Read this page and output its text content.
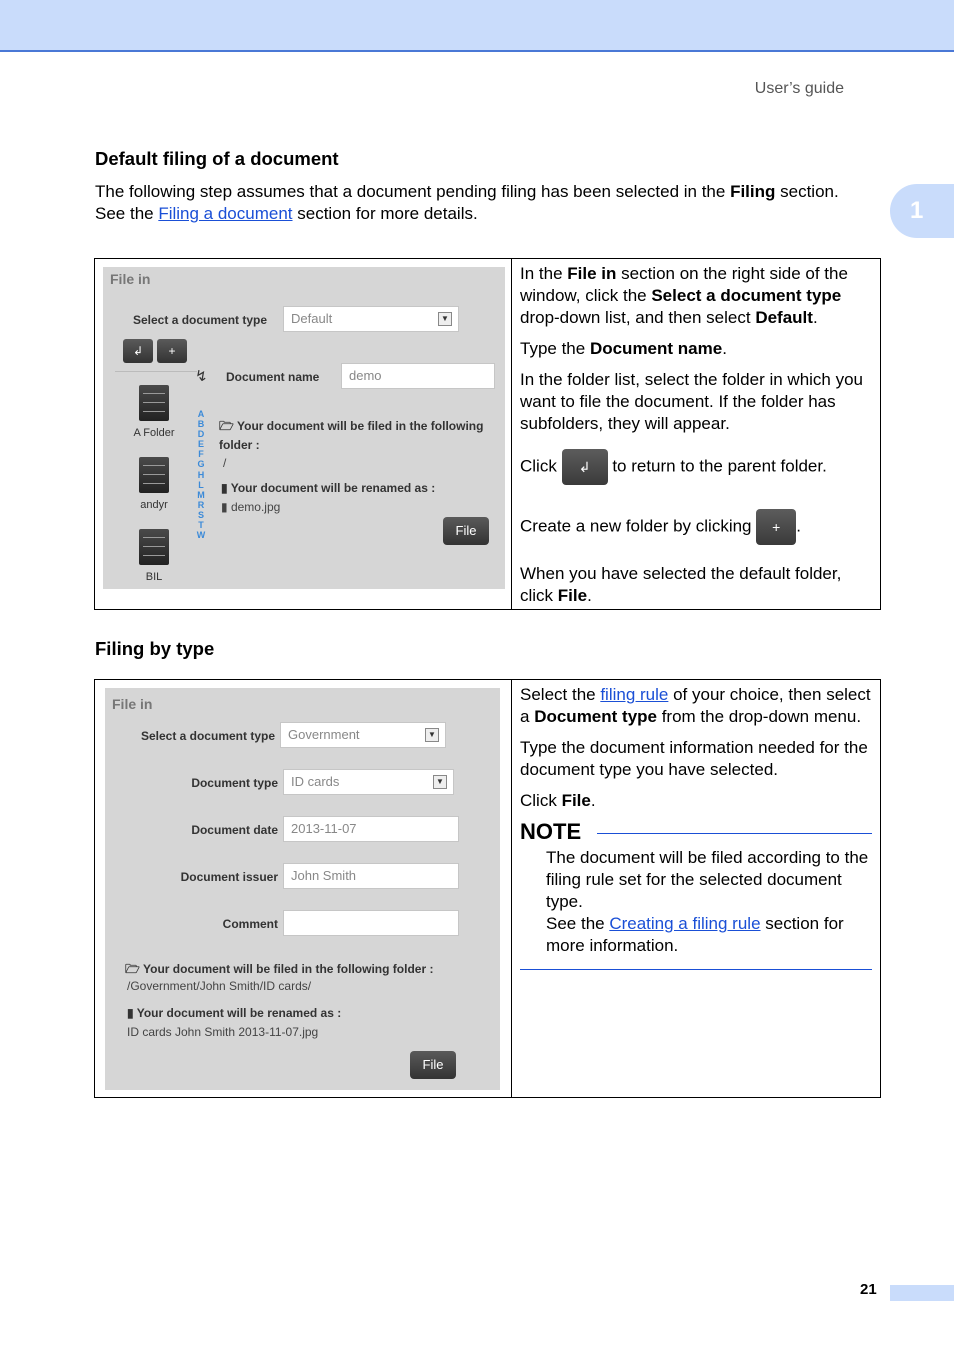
User’s guide
1
Default filing of a document
The following step assumes that a document pending filing has been selected in the Filing section. See the Filing a document section for more details.
File in
Select a document type	Default	▼
↲	+
↯
A Folder
andyr
BIL
A
B
D
E
F
G
H
L
M
R
S
T
W
Document name	demo
🗁 Your document will be filed in the following
folder :
/
▮ Your document will be renamed as :
▮ demo.jpg
File

In the File in section on the right side of the window, click the Select a document type drop-down list, and then select Default.

Type the Document name.

In the folder list, select the folder in which you want to file the document. If the folder has subfolders, they will appear.

Click ↲ to return to the parent folder.

Create a new folder by clicking + .

When you have selected the default folder, click File.

Filing by type
File in
Select a document type	Government	▼
Document type	ID cards	▼
Document date	2013-11-07
Document issuer	John Smith
Comment
🗁 Your document will be filed in the following folder :
/Government/John Smith/ID cards/
▮ Your document will be renamed as :
ID cards John Smith 2013-11-07.jpg
File

Select the filing rule of your choice, then select a Document type from the drop-down menu.

Type the document information needed for the document type you have selected.

Click File.

NOTE
The document will be filed according to the filing rule set for the selected document type.
See the Creating a filing rule section for more information.
21
